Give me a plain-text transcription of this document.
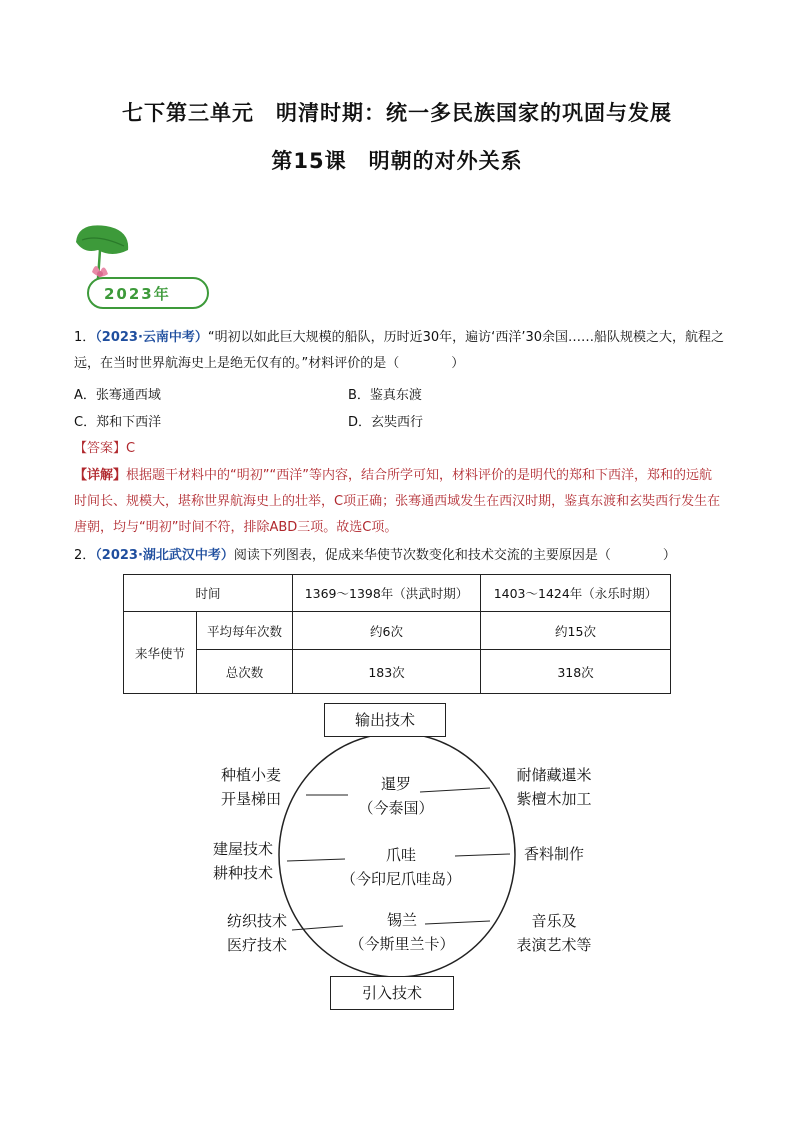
七下第三单元　明清时期：统一多民族国家的巩固与发展
第15课　明朝的对外关系
2023年
1．（2023·云南中考）“明初以如此巨大规模的船队，历时近30年，遍访‘西洋’30余国……船队规模之大，航程之远，在当时世界航海史上是绝无仅有的。”材料评价的是（　　　　）
A．张骞通西域	B．鉴真东渡
C．郑和下西洋	D．玄奘西行
【答案】C
【详解】根据题干材料中的“明初”“西洋”等内容，结合所学可知，材料评价的是明代的郑和下西洋，郑和的远航时间长、规模大，堪称世界航海史上的壮举，C项正确；张骞通西域发生在西汉时期，鉴真东渡和玄奘西行发生在唐朝，均与“明初”时间不符，排除ABD三项。故选C项。
2．（2023·湖北武汉中考）阅读下列图表，促成来华使节次数变化和技术交流的主要原因是（　　　　）
时间		1369～1398年（洪武时期）	1403～1424年（永乐时期）
来华使节	平均每年次数	约6次	约15次
	总次数	183次	318次
输出技术
引入技术
暹罗
（今泰国）
爪哇
（今印尼爪哇岛）
锡兰
（今斯里兰卡）
种植小麦
开垦梯田
建屋技术
耕种技术
纺织技术
医疗技术
耐储藏暹米
紫檀木加工
香料制作
音乐及
表演艺术等
